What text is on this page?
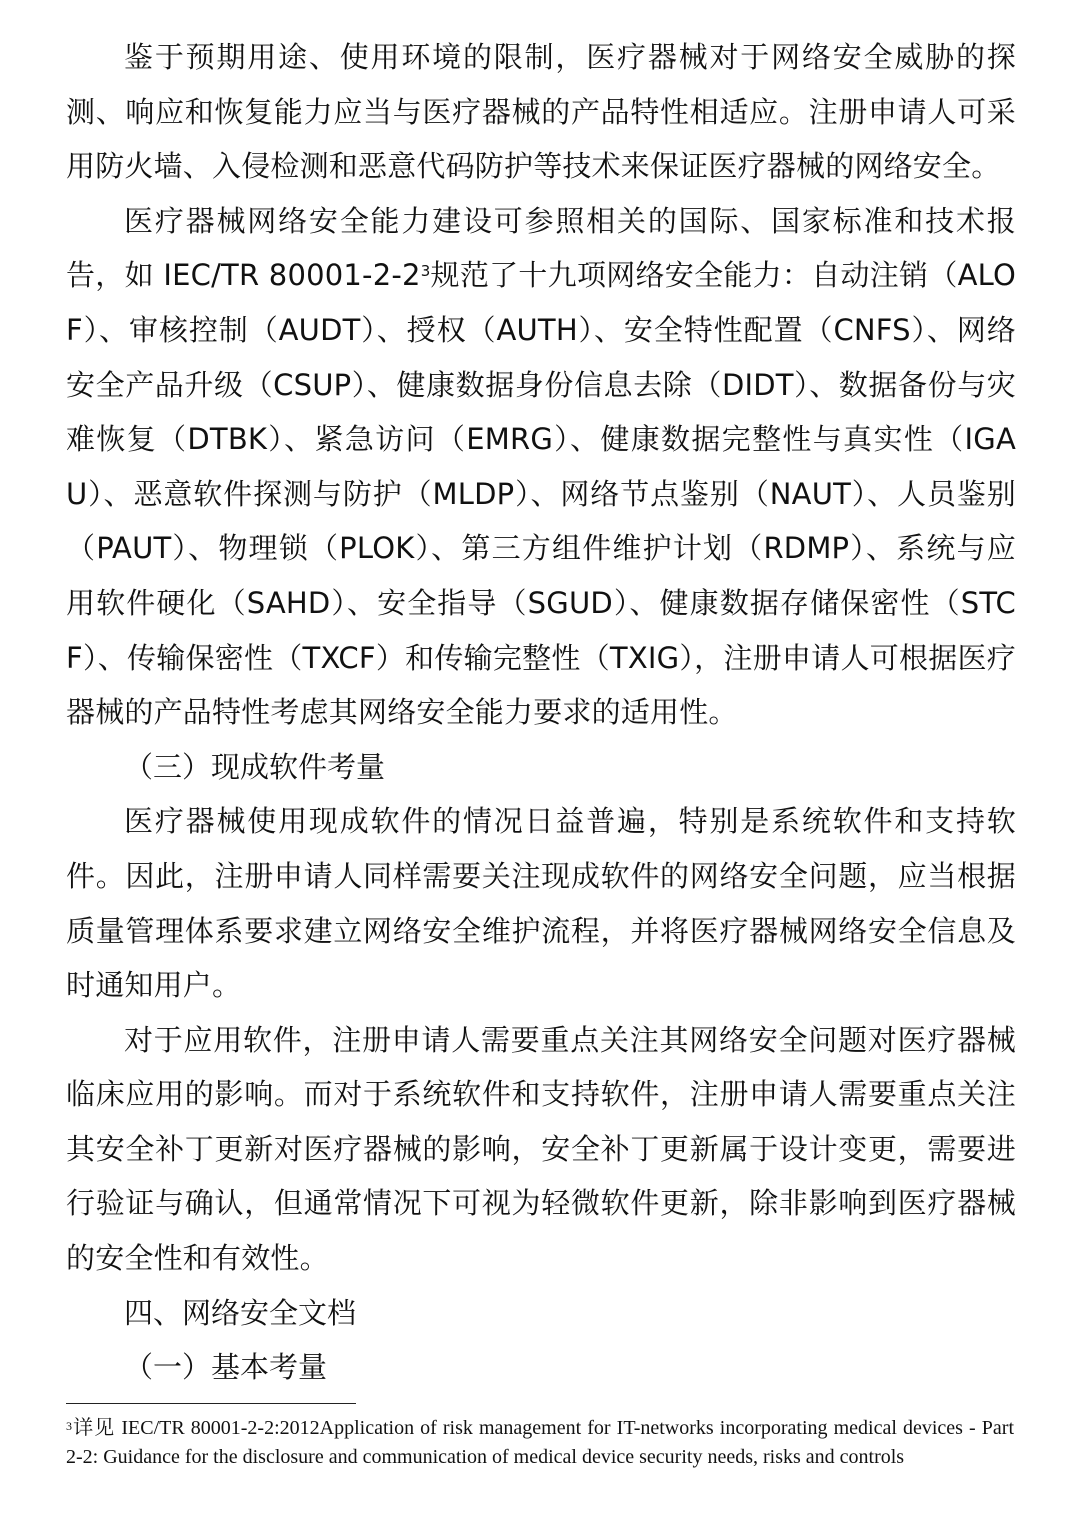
鉴于预期用途、使用环境的限制，医疗器械对于网络安全威胁的探测、响应和恢复能力应当与医疗器械的产品特性相适应。注册申请人可采用防火墙、入侵检测和恶意代码防护等技术来保证医疗器械的网络安全。

医疗器械网络安全能力建设可参照相关的国际、国家标准和技术报告，如 IEC/TR $80001-2-2^3$规范了十九项网络安全能力：自动注销（ALOF）、审核控制（AUDT）、授权（AUTH）、安全特性配置（CNFS）、网络安全产品升级（CSUP）、健康数据身份信息去除（DIDT）、数据备份与灾难恢复（DTBK）、紧急访问（EMRG）、健康数据完整性与真实性（IGAU）、恶意软件探测与防护（MLDP）、网络节点鉴别（NAUT）、人员鉴别（PAUT）、物理锁（PLOK）、第三方组件维护计划（RDMP）、系统与应用软件硬化（SAHD）、安全指导（SGUD）、健康数据存储保密性（STCF）、传输保密性（TXCF）和传输完整性（TXIG），注册申请人可根据医疗器械的产品特性考虑其网络安全能力要求的适用性。

（三）现成软件考量

医疗器械使用现成软件的情况日益普遍，特别是系统软件和支持软件。因此，注册申请人同样需要关注现成软件的网络安全问题，应当根据质量管理体系要求建立网络安全维护流程，并将医疗器械网络安全信息及时通知用户。

对于应用软件，注册申请人需要重点关注其网络安全问题对医疗器械临床应用的影响。而对于系统软件和支持软件，注册申请人需要重点关注其安全补丁更新对医疗器械的影响，安全补丁更新属于设计变更，需要进行验证与确认，但通常情况下可视为轻微软件更新，除非影响到医疗器械的安全性和有效性。

四、网络安全文档

（一）基本考量

$^3$详见 IEC/TR 80001-2-2:2012Application of risk management for IT-networks incorporating medical devices - Part 2-2: Guidance for the disclosure and communication of medical device security needs, risks and controls
